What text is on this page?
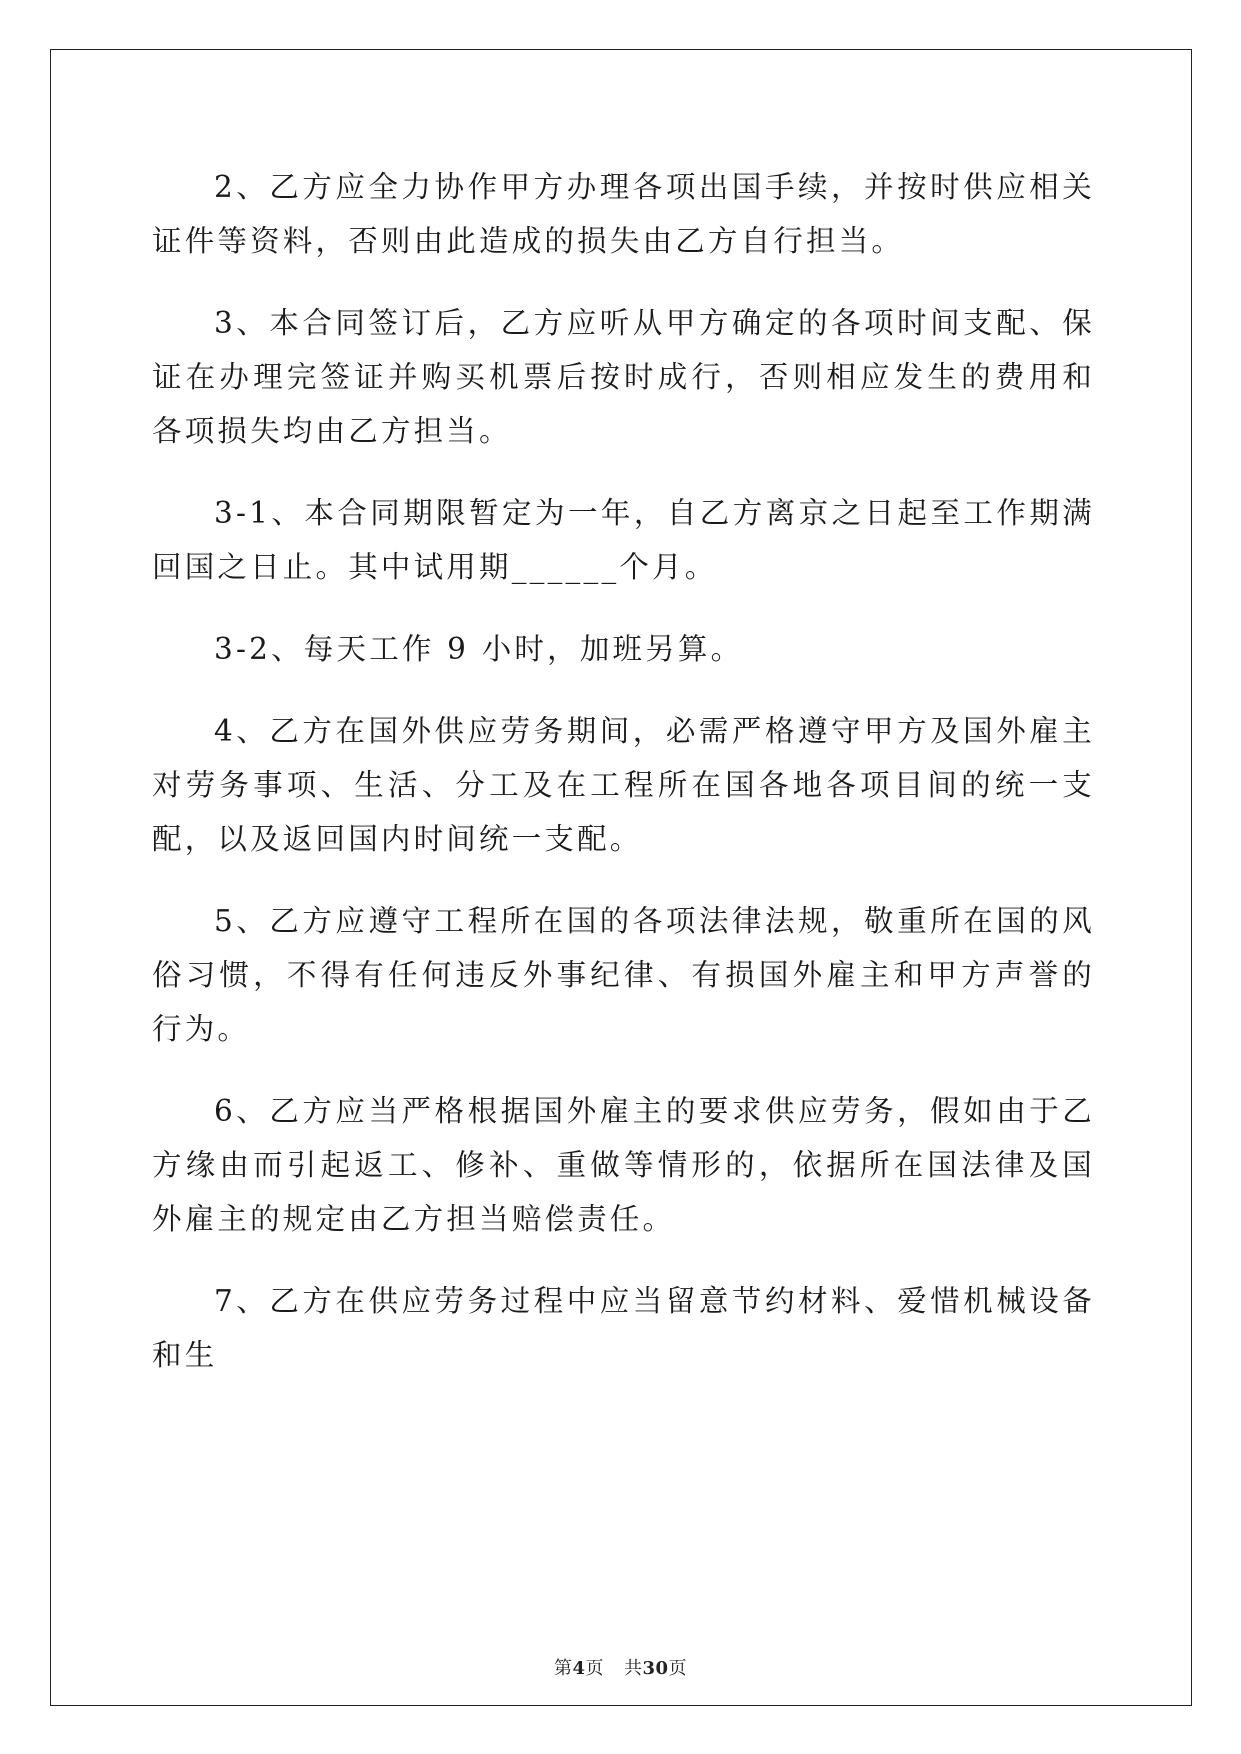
2、乙方应全力协作甲方办理各项出国手续，并按时供应相关证件等资料，否则由此造成的损失由乙方自行担当。

3、本合同签订后，乙方应听从甲方确定的各项时间支配、保证在办理完签证并购买机票后按时成行，否则相应发生的费用和各项损失均由乙方担当。

3-1、本合同期限暂定为一年，自乙方离京之日起至工作期满回国之日止。其中试用期______个月。

3-2、每天工作 9 小时，加班另算。

4、乙方在国外供应劳务期间，必需严格遵守甲方及国外雇主对劳务事项、生活、分工及在工程所在国各地各项目间的统一支配，以及返回国内时间统一支配。

5、乙方应遵守工程所在国的各项法律法规，敬重所在国的风俗习惯，不得有任何违反外事纪律、有损国外雇主和甲方声誉的行为。

6、乙方应当严格根据国外雇主的要求供应劳务，假如由于乙方缘由而引起返工、修补、重做等情形的，依据所在国法律及国外雇主的规定由乙方担当赔偿责任。

7、乙方在供应劳务过程中应当留意节约材料、爱惜机械设备和生

第4页 共30页
